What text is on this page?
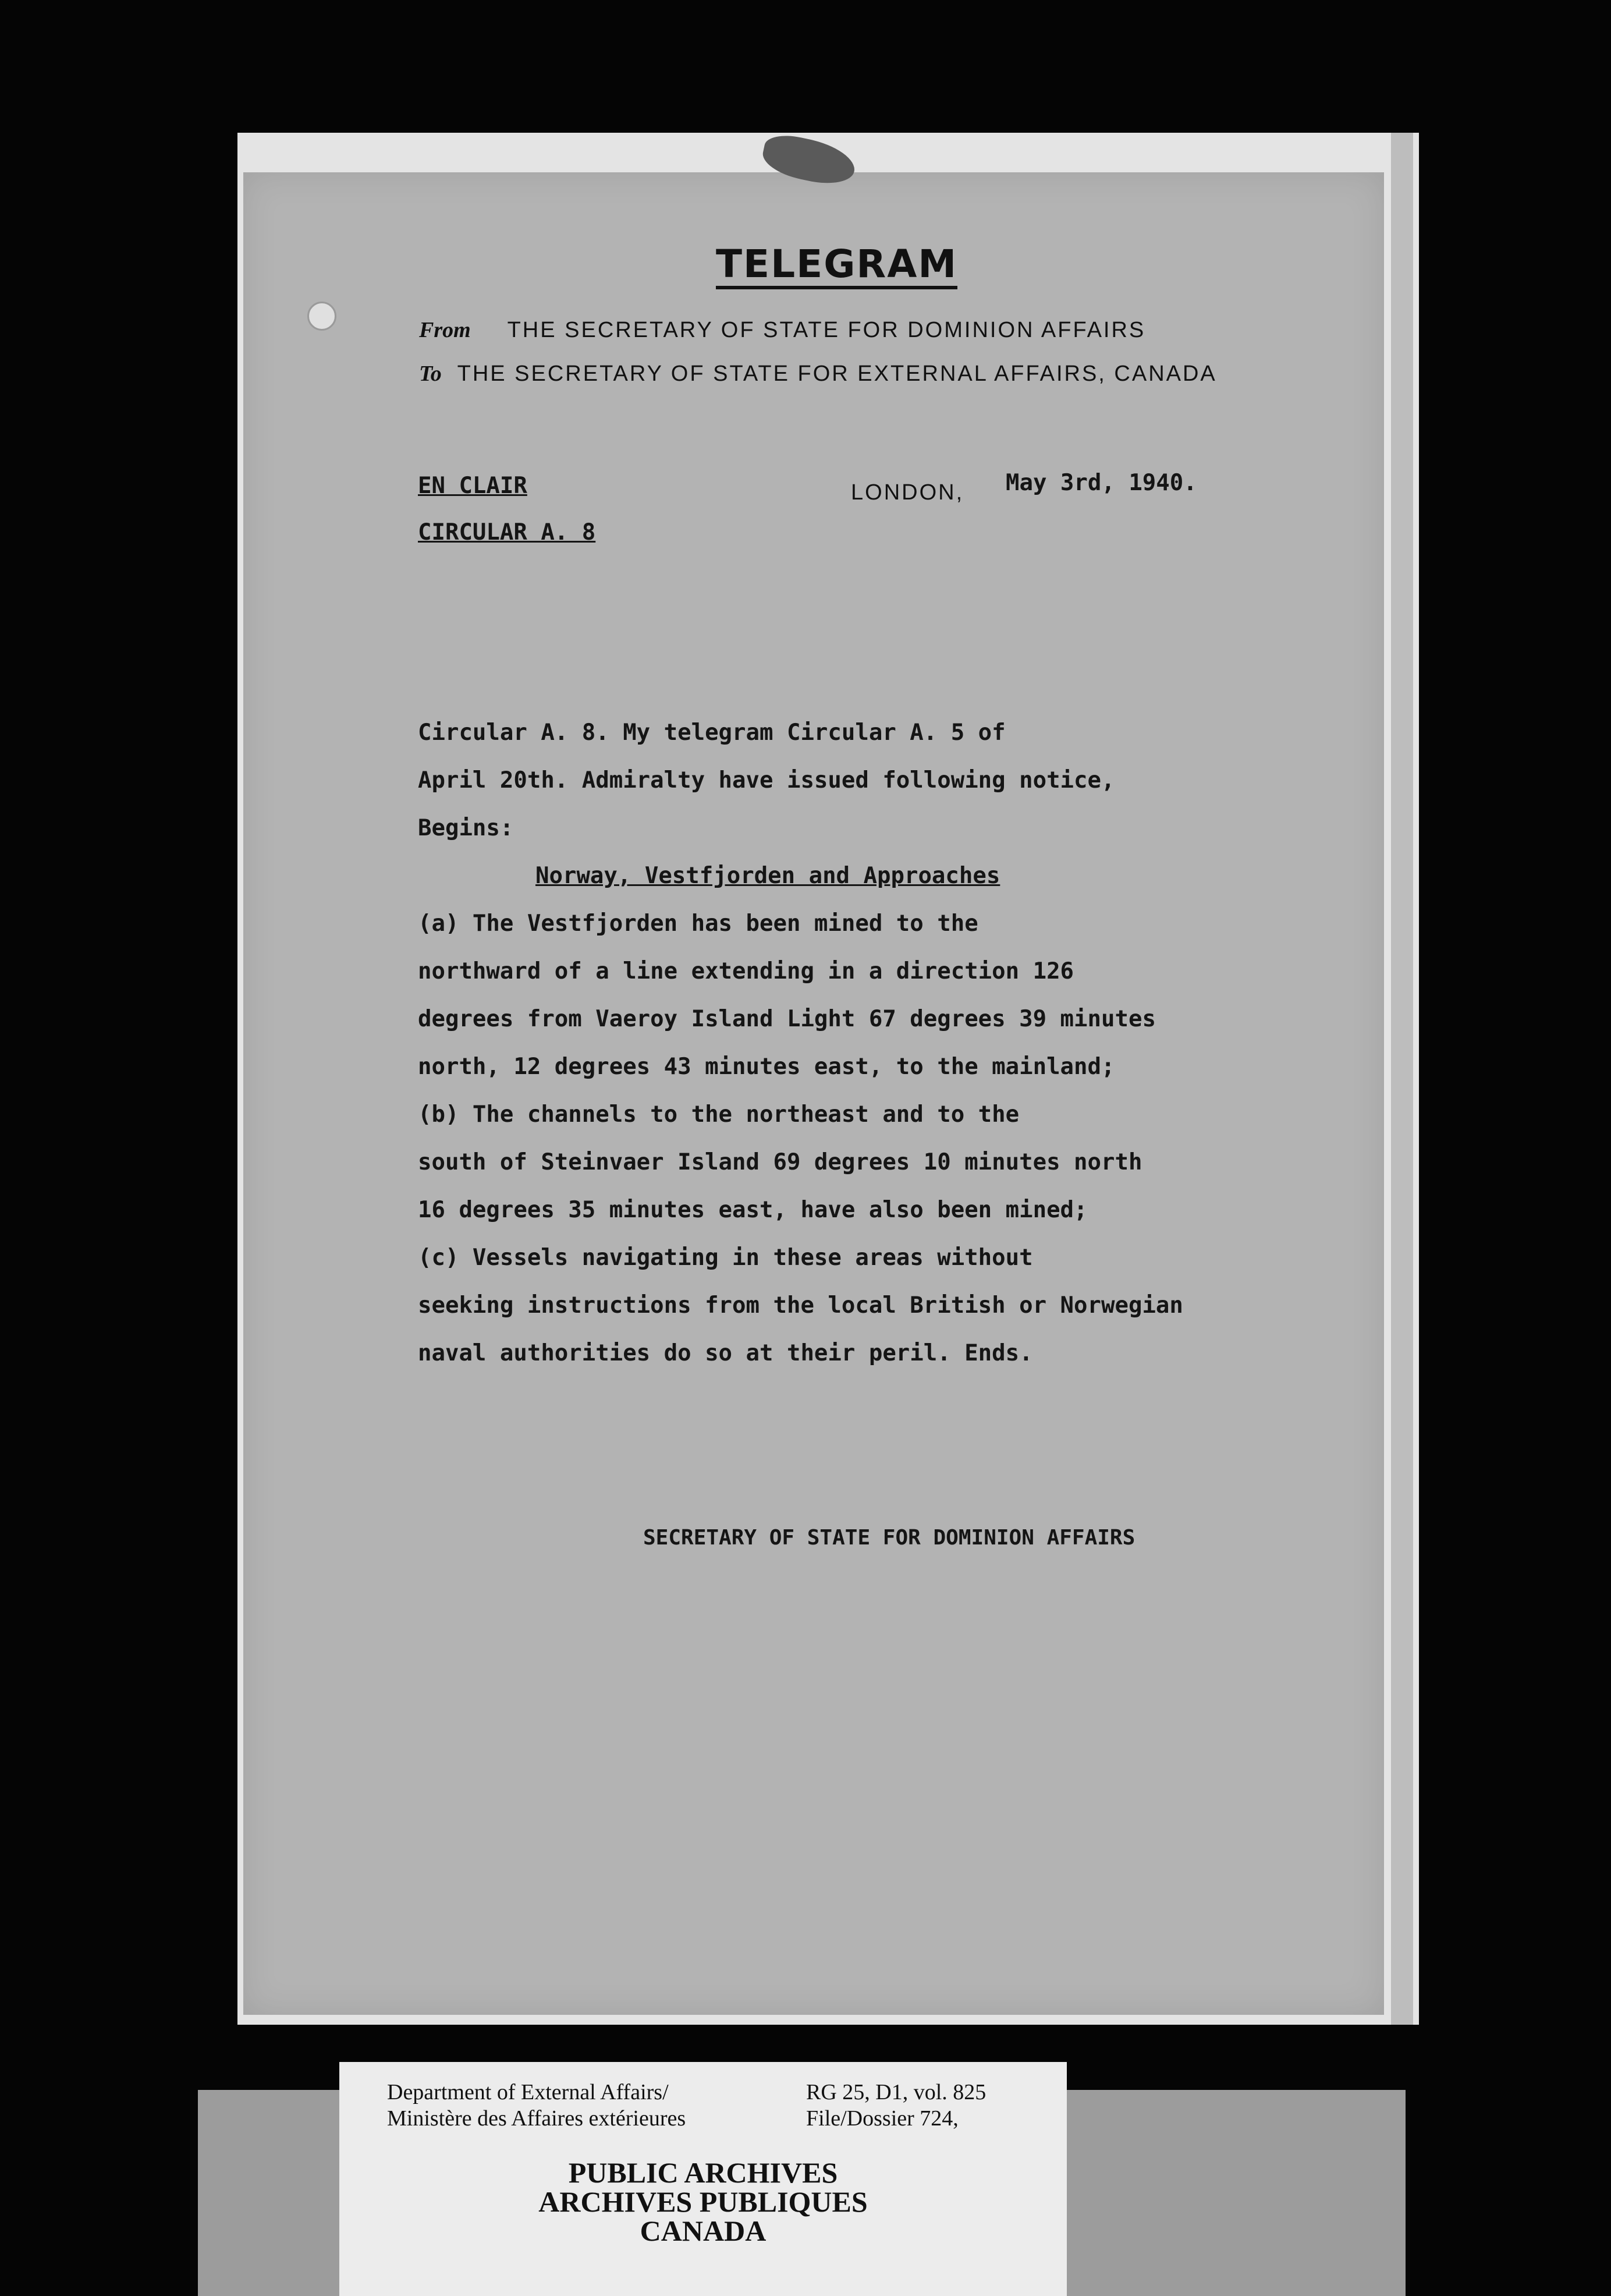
TELEGRAM
From THE SECRETARY OF STATE FOR DOMINION AFFAIRS
To THE SECRETARY OF STATE FOR EXTERNAL AFFAIRS, CANADA
EN CLAIR
CIRCULAR A. 8
LONDON, May 3rd, 1940.
Circular A. 8. My telegram Circular A. 5 of
April 20th. Admiralty have issued following notice,
Begins:
Norway, Vestfjorden and Approaches
(a) The Vestfjorden has been mined to the
northward of a line extending in a direction 126
degrees from Vaeroy Island Light 67 degrees 39 minutes
north, 12 degrees 43 minutes east, to the mainland;
(b) The channels to the northeast and to the
south of Steinvaer Island 69 degrees 10 minutes north
16 degrees 35 minutes east, have also been mined;
(c) Vessels navigating in these areas without
seeking instructions from the local British or Norwegian
naval authorities do so at their peril. Ends.
SECRETARY OF STATE FOR DOMINION AFFAIRS
Department of External Affairs/
Ministère des Affaires extérieures
RG 25, D1, vol. 825
File/Dossier 724,
PUBLIC ARCHIVES
ARCHIVES PUBLIQUES
CANADA
